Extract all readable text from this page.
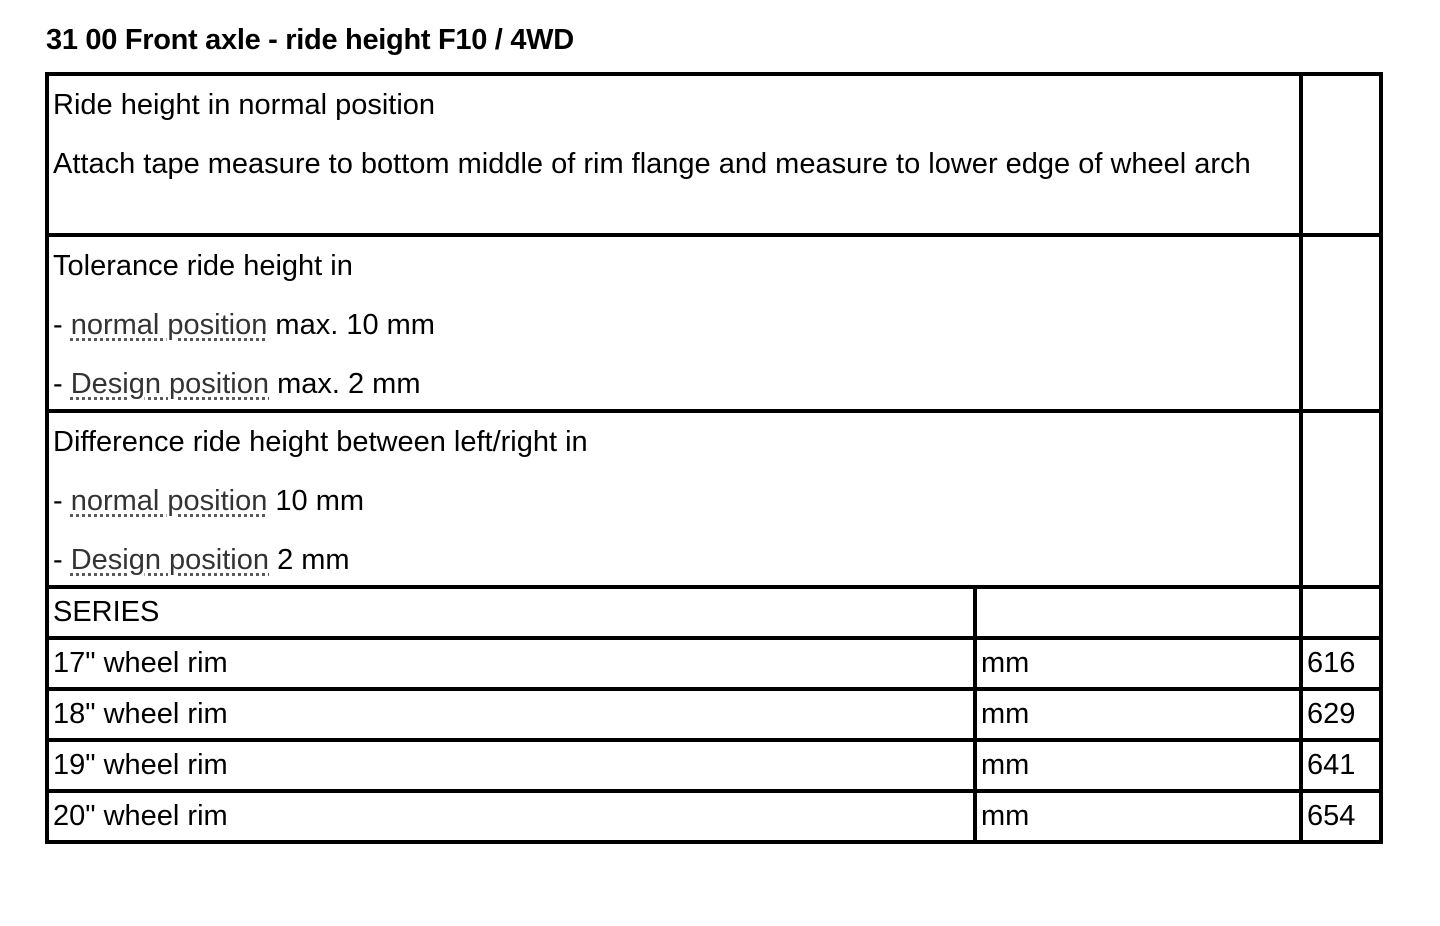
31 00 Front axle - ride height F10 / 4WD

Ride height in normal position

Attach tape measure to bottom middle of rim flange and measure to lower edge of wheel arch		

Tolerance ride height in

- normal position max. 10 mm

- Design position max. 2 mm		

Difference ride height between left/right in

- normal position 10 mm

- Design position 2 mm		

SERIES		
17" wheel rim	mm	616
18" wheel rim	mm	629
19" wheel rim	mm	641
20" wheel rim	mm	654
